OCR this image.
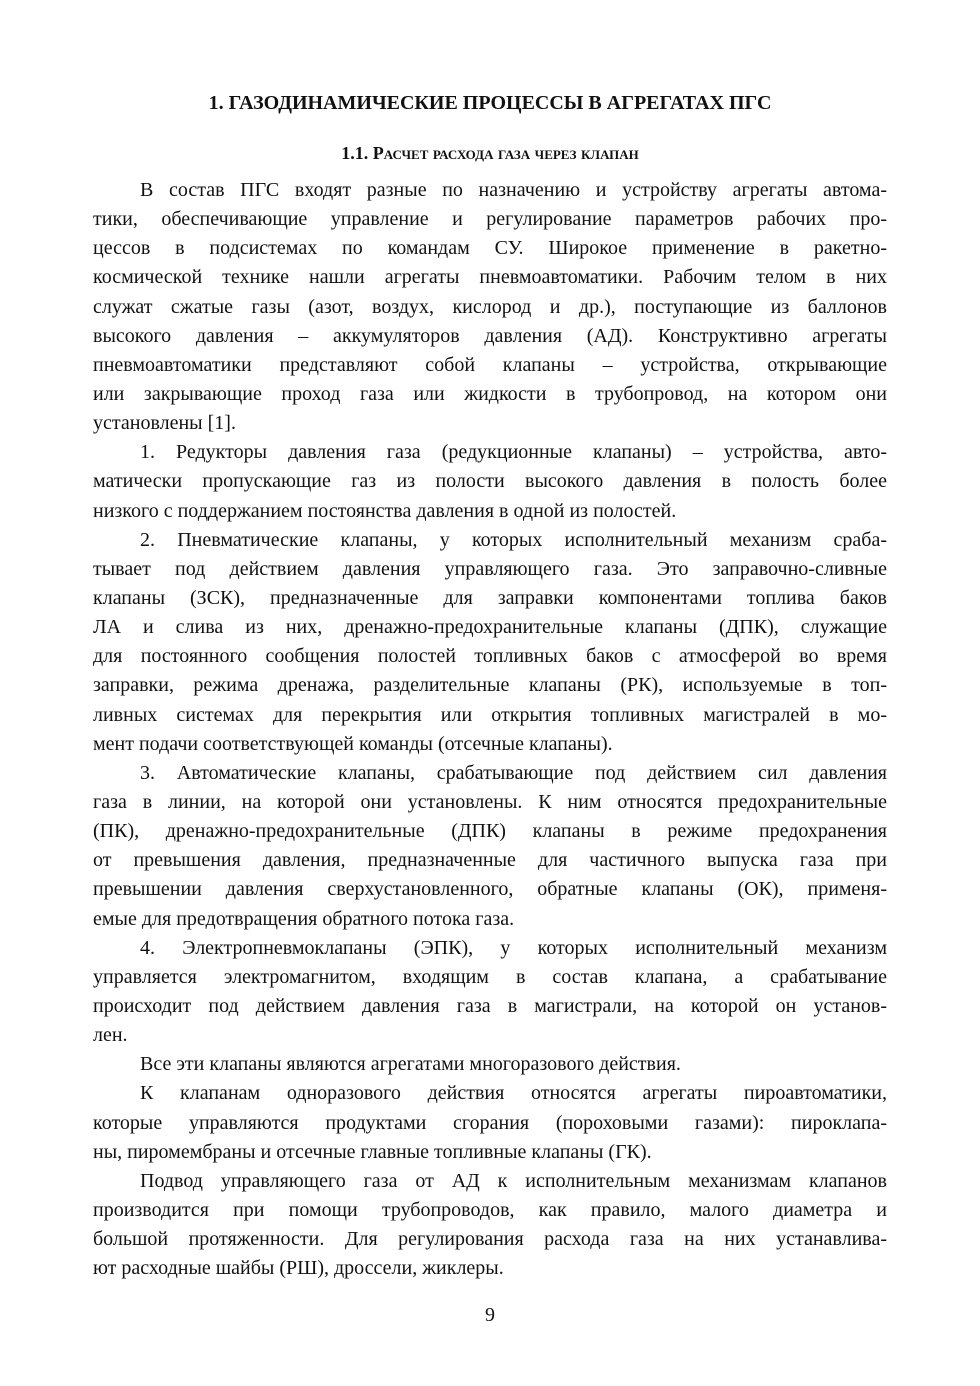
1. ГАЗОДИНАМИЧЕСКИЕ ПРОЦЕССЫ В АГРЕГАТАХ ПГС
1.1. Расчет расхода газа через клапан
В состав ПГС входят разные по назначению и устройству агрегаты автома-
тики, обеспечивающие управление и регулирование параметров рабочих про-
цессов в подсистемах по командам СУ. Широкое применение в ракетно-
космической технике нашли агрегаты пневмоавтоматики. Рабочим телом в них
служат сжатые газы (азот, воздух, кислород и др.), поступающие из баллонов
высокого давления – аккумуляторов давления (АД). Конструктивно агрегаты
пневмоавтоматики представляют собой клапаны – устройства, открывающие
или закрывающие проход газа или жидкости в трубопровод, на котором они
установлены [1].
1. Редукторы давления газа (редукционные клапаны) – устройства, авто-
матически пропускающие газ из полости высокого давления в полость более
низкого с поддержанием постоянства давления в одной из полостей.
2. Пневматические клапаны, у которых исполнительный механизм сраба-
тывает под действием давления управляющего газа. Это заправочно-сливные
клапаны (ЗСК), предназначенные для заправки компонентами топлива баков
ЛА и слива из них, дренажно-предохранительные клапаны (ДПК), служащие
для постоянного сообщения полостей топливных баков с атмосферой во время
заправки, режима дренажа, разделительные клапаны (РК), используемые в топ-
ливных системах для перекрытия или открытия топливных магистралей в мо-
мент подачи соответствующей команды (отсечные клапаны).
3. Автоматические клапаны, срабатывающие под действием сил давления
газа в линии, на которой они установлены. К ним относятся предохранительные
(ПК), дренажно-предохранительные (ДПК) клапаны в режиме предохранения
от превышения давления, предназначенные для частичного выпуска газа при
превышении давления сверхустановленного, обратные клапаны (ОК), применя-
емые для предотвращения обратного потока газа.
4. Электропневмоклапаны (ЭПК), у которых исполнительный механизм
управляется электромагнитом, входящим в состав клапана, а срабатывание
происходит под действием давления газа в магистрали, на которой он установ-
лен.
Все эти клапаны являются агрегатами многоразового действия.
К клапанам одноразового действия относятся агрегаты пироавтоматики,
которые управляются продуктами сгорания (пороховыми газами): пироклапа-
ны, пиромембраны и отсечные главные топливные клапаны (ГК).
Подвод управляющего газа от АД к исполнительным механизмам клапанов
производится при помощи трубопроводов, как правило, малого диаметра и
большой протяженности. Для регулирования расхода газа на них устанавлива-
ют расходные шайбы (РШ), дроссели, жиклеры.
9
